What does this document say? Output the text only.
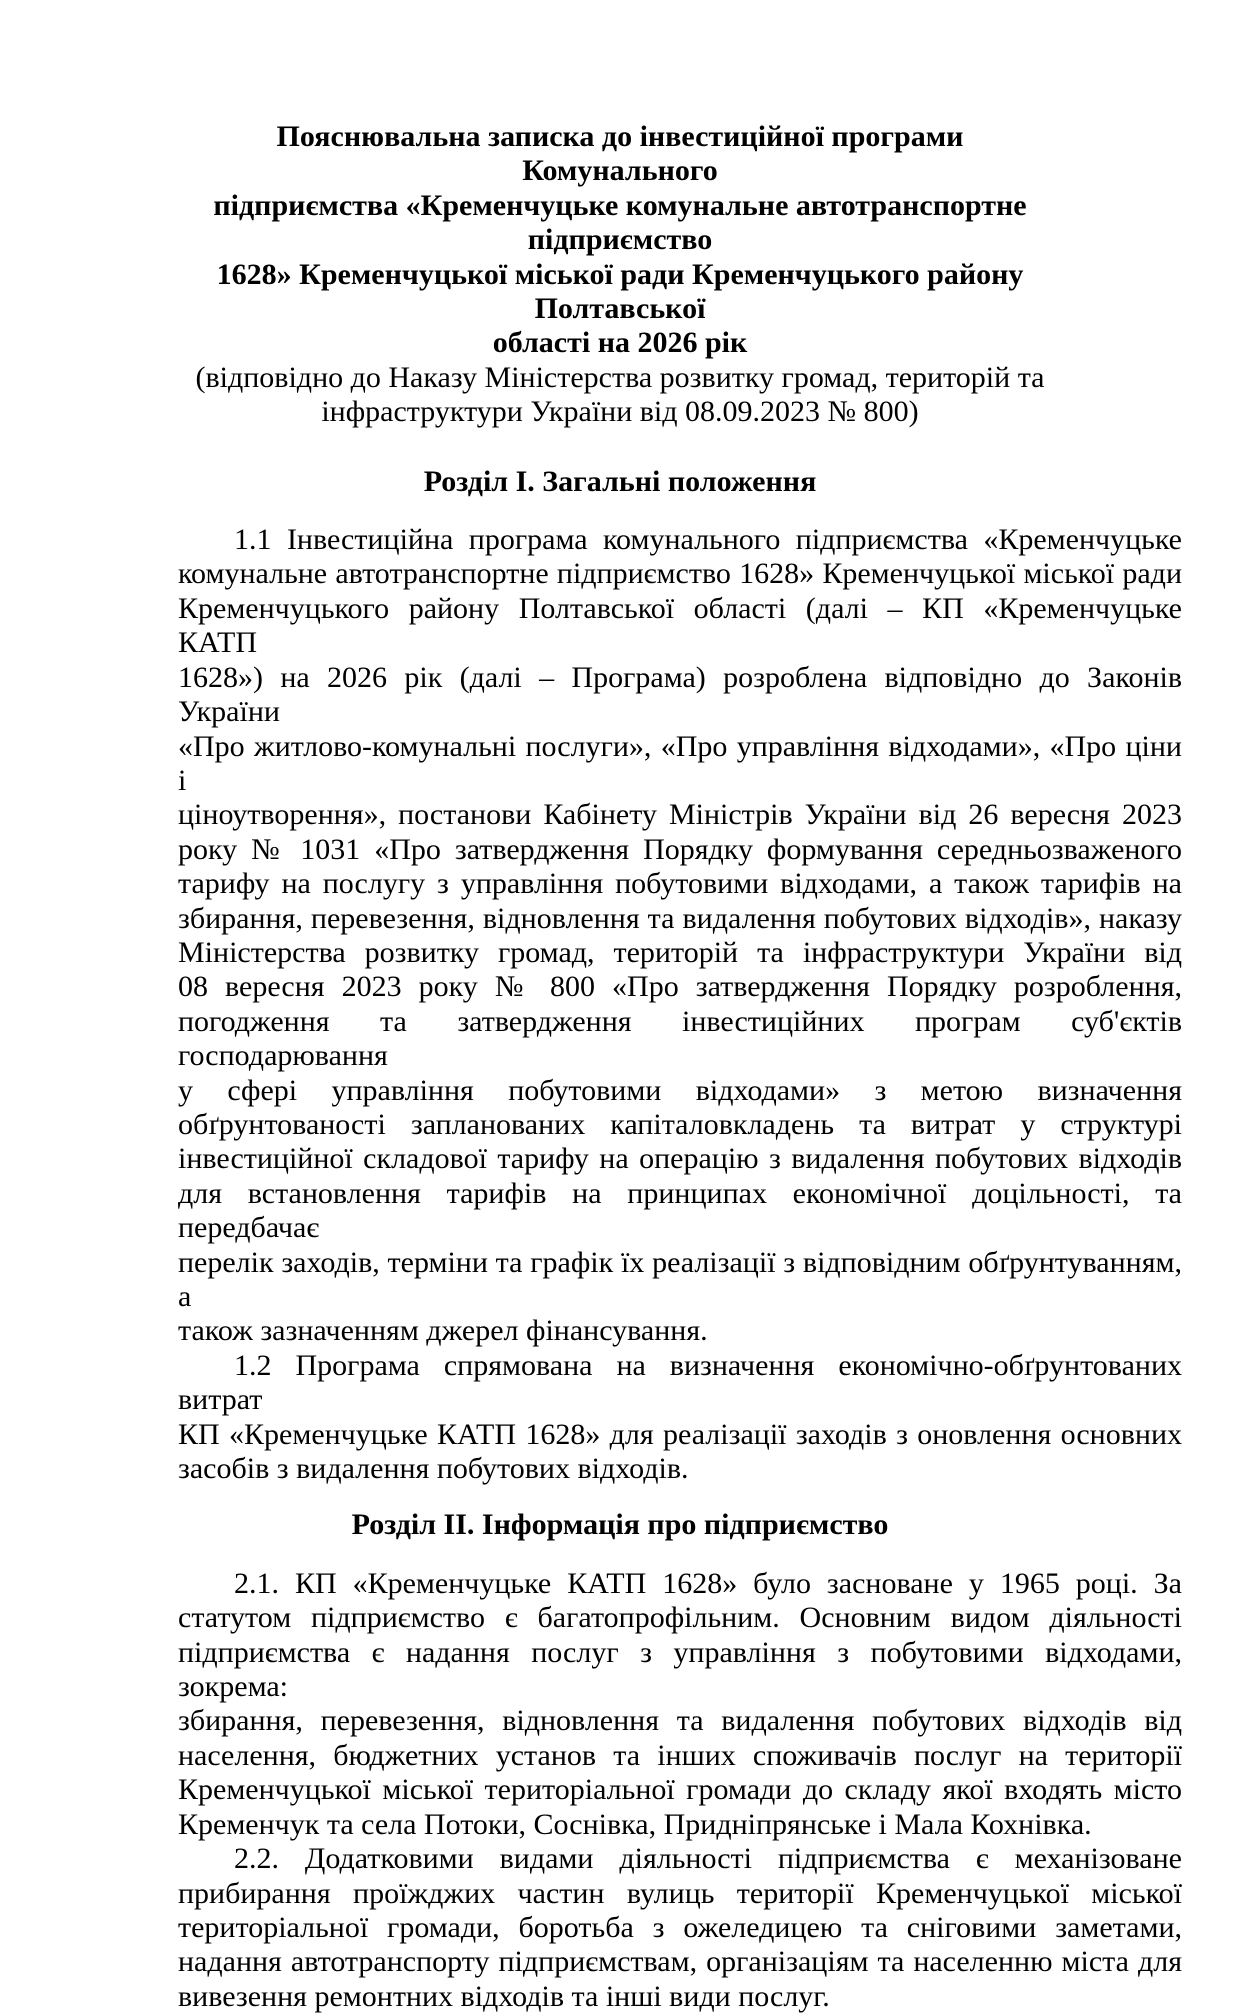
Пояснювальна записка до інвестиційної програми Комунального
підприємства «Кременчуцьке комунальне автотранспортне підприємство
1628» Кременчуцької міської ради Кременчуцького району Полтавської
області на 2026 рік
(відповідно до Наказу Міністерства розвитку громад, територій та
інфраструктури України від 08.09.2023 № 800)
Розділ І. Загальні положення
1.1 Інвестиційна програма комунального підприємства «Кременчуцьке
комунальне автотранспортне підприємство 1628» Кременчуцької міської ради
Кременчуцького району Полтавської області (далі – КП «Кременчуцьке КАТП
1628») на 2026 рік (далі – Програма) розроблена відповідно до Законів України
«Про житлово-комунальні послуги», «Про управління відходами», «Про ціни і
ціноутворення», постанови Кабінету Міністрів України від 26 вересня 2023
року № 1031 «Про затвердження Порядку формування середньозваженого
тарифу на послугу з управління побутовими відходами, а також тарифів на
збирання, перевезення, відновлення та видалення побутових відходів», наказу
Міністерства розвитку громад, територій та інфраструктури України від
08 вересня 2023 року № 800 «Про затвердження Порядку розроблення,
погодження та затвердження інвестиційних програм суб'єктів господарювання
у сфері управління побутовими відходами» з метою визначення
обґрунтованості запланованих капіталовкладень та витрат у структурі
інвестиційної складової тарифу на операцію з видалення побутових відходів
для встановлення тарифів на принципах економічної доцільності, та передбачає
перелік заходів, терміни та графік їх реалізації з відповідним обґрунтуванням, а
також зазначенням джерел фінансування.
1.2 Програма спрямована на визначення економічно-обґрунтованих витрат
КП «Кременчуцьке КАТП 1628» для реалізації заходів з оновлення основних
засобів з видалення побутових відходів.
Розділ ІІ. Інформація про підприємство
2.1. КП «Кременчуцьке КАТП 1628» було засноване у 1965 році. За
статутом підприємство є багатопрофільним. Основним видом діяльності
підприємства є надання послуг з управління з побутовими відходами, зокрема:
збирання, перевезення, відновлення та видалення побутових відходів від
населення, бюджетних установ та інших споживачів послуг на території
Кременчуцької міської територіальної громади до складу якої входять місто
Кременчук та села Потоки, Соснівка, Придніпрянське і Мала Кохнівка.
2.2. Додатковими видами діяльності підприємства є механізоване
прибирання проїжджих частин вулиць території Кременчуцької міської
територіальної громади, боротьба з ожеледицею та сніговими заметами,
надання автотранспорту підприємствам, організаціям та населенню міста для
вивезення ремонтних відходів та інші види послуг.
